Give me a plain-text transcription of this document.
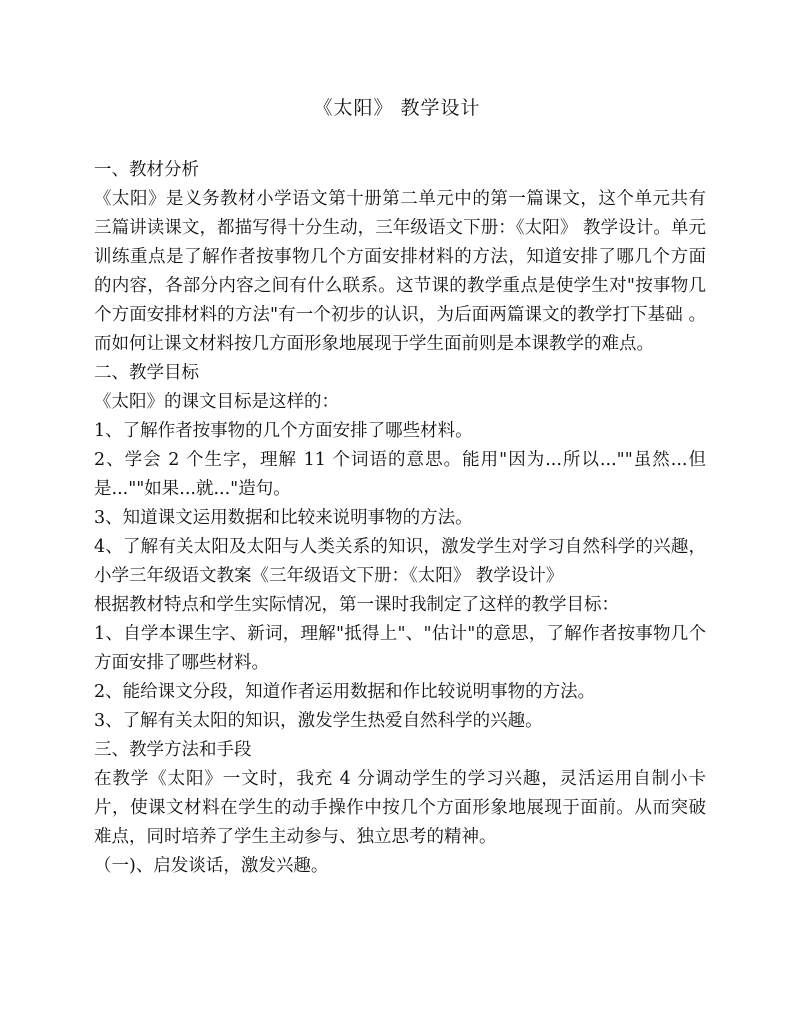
《太阳》 教学设计

一、教材分析

《太阳》是义务教材小学语文第十册第二单元中的第一篇课文，这个单元共有三篇讲读课文，都描写得十分生动，三年级语文下册：《太阳》 教学设计。单元训练重点是了解作者按事物几个方面安排材料的方法，知道安排了哪几个方面的内容，各部分内容之间有什么联系。这节课的教学重点是使学生对"按事物几个方面安排材料的方法"有一个初步的认识，为后面两篇课文的教学打下基础 。而如何让课文材料按几方面形象地展现于学生面前则是本课教学的难点。

二、教学目标

《太阳》的课文目标是这样的：

1、了解作者按事物的几个方面安排了哪些材料。

2、学会 2 个生字，理解 11 个词语的意思。能用"因为...所以...""虽然...但 是...""如果...就..."造句。

3、知道课文运用数据和比较来说明事物的方法。

4、了解有关太阳及太阳与人类关系的知识，激发学生对学习自然科学的兴趣，小学三年级语文教案《三年级语文下册：《太阳》 教学设计》

根据教材特点和学生实际情况，第一课时我制定了这样的教学目标：

1、自学本课生字、新词，理解"抵得上"、"估计"的意思，了解作者按事物几个方面安排了哪些材料。

2、能给课文分段，知道作者运用数据和作比较说明事物的方法。

3、了解有关太阳的知识，激发学生热爱自然科学的兴趣。

三、教学方法和手段

在教学《太阳》一文时，我充 4 分调动学生的学习兴趣，灵活运用自制小卡片，使课文材料在学生的动手操作中按几个方面形象地展现于面前。从而突破难点，同时培养了学生主动参与、独立思考的精神。

（一)、启发谈话，激发兴趣。
